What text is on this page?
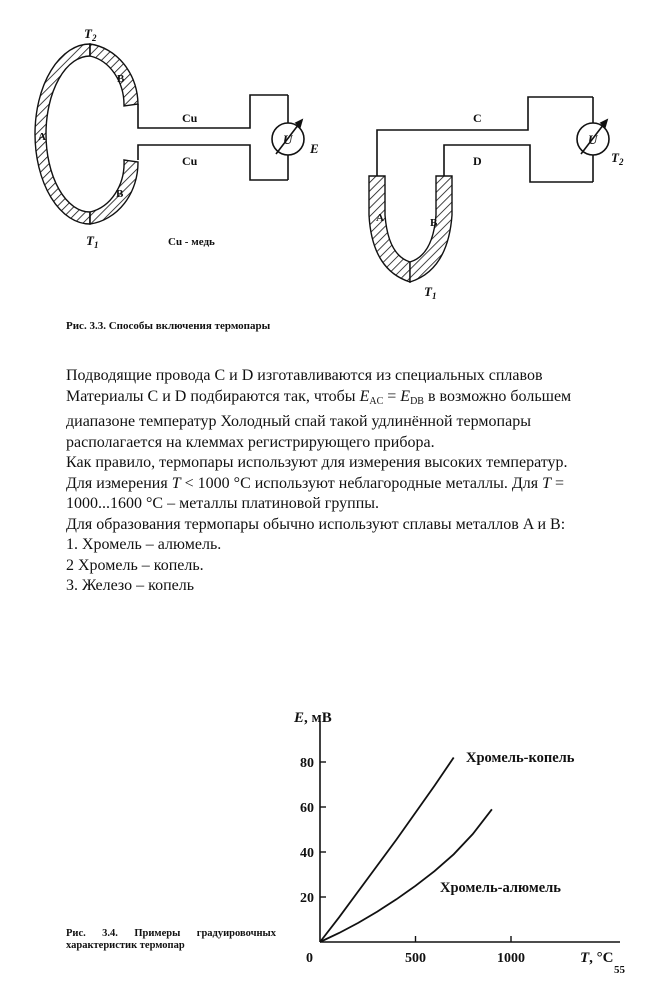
$T_2$
B
A
B
$T_1$
Cu
Cu
U
E
Cu - медь
C
D
U
$T_2$
A	B
$T_1$
Рис. 3.3. Способы включения термопары

Подводящие провода C и D изготавливаются из специальных сплавов

Материалы C и D подбираются так, чтобы $E_{AC} = E_{DB}$ в возможно большем диапазоне температур Холодный спай такой удлинённой термопары располагается на клеммах регистрирующего прибора.

Как правило, термопары используют для измерения высоких температур.

Для измерения T < 1000 °C используют неблагородные металлы. Для T = 1000...1600 °C – металлы платиновой группы.

Для образования термопары обычно используют сплавы металлов A и B:

1. Хромель – алюмель.
2 Хромель – копель.
3. Железо – копель
20
40
60
80
0	500	1000
E, мВ
T, °C
Хромель-копель
Хромель-алюмель
Рис. 3.4. Примеры градуировочных характеристик термопар
55
